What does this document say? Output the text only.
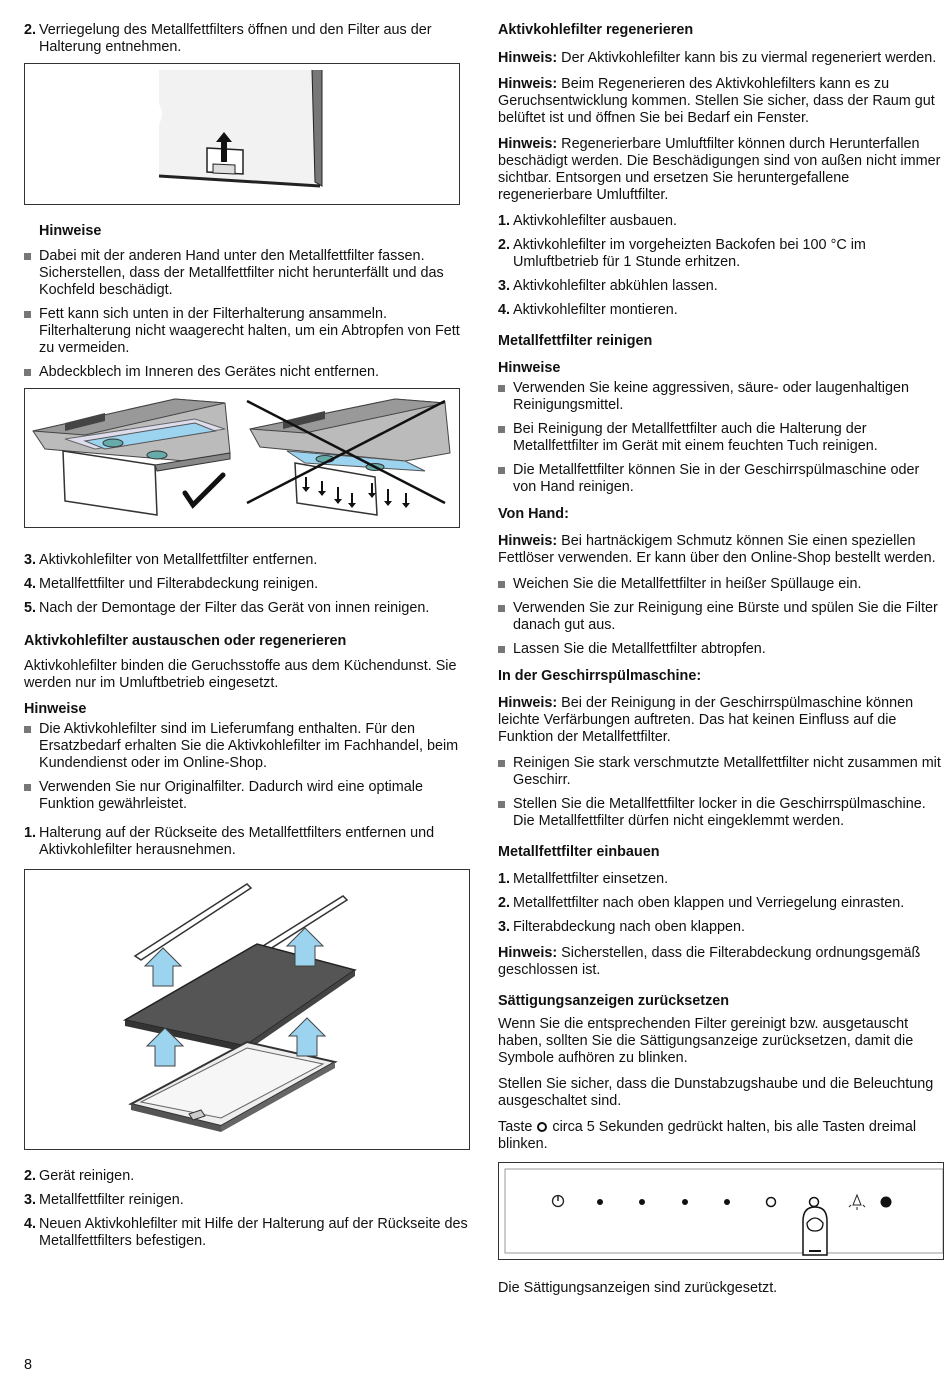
2. Verriegelung des Metallfettfilters öffnen und den Filter aus der Halterung entnehmen.
Hinweise
Dabei mit der anderen Hand unter den Metallfettfilter fassen. Sicherstellen, dass der Metallfettfilter nicht herunterfällt und das Kochfeld beschädigt.
Fett kann sich unten in der Filterhalterung ansammeln. Filterhalterung nicht waagerecht halten, um ein Abtropfen von Fett zu vermeiden.
Abdeckblech im Inneren des Gerätes nicht entfernen.
3. Aktivkohlefilter von Metallfettfilter entfernen.
4. Metallfettfilter und Filterabdeckung reinigen.
5. Nach der Demontage der Filter das Gerät von innen reinigen.
Aktivkohlefilter austauschen oder regenerieren

Aktivkohlefilter binden die Geruchsstoffe aus dem Küchendunst. Sie werden nur im Umluftbetrieb eingesetzt.

Hinweise
Die Aktivkohlefilter sind im Lieferumfang enthalten. Für den Ersatzbedarf erhalten Sie die Aktivkohlefilter im Fachhandel, beim Kundendienst oder im Online-Shop.
Verwenden Sie nur Originalfilter. Dadurch wird eine optimale Funktion gewährleistet.
1. Halterung auf der Rückseite des Metallfettfilters entfernen und Aktivkohlefilter herausnehmen.
2. Gerät reinigen.
3. Metallfettfilter reinigen.
4. Neuen Aktivkohlefilter mit Hilfe der Halterung auf der Rückseite des Metallfettfilters befestigen.
Aktivkohlefilter regenerieren

Hinweis: Der Aktivkohlefilter kann bis zu viermal regeneriert werden.

Hinweis: Beim Regenerieren des Aktivkohlefilters kann es zu Geruchsentwicklung kommen. Stellen Sie sicher, dass der Raum gut belüftet ist und öffnen Sie bei Bedarf ein Fenster.

Hinweis: Regenerierbare Umluftfilter können durch Herunterfallen beschädigt werden. Die Beschädigungen sind von außen nicht immer sichtbar. Entsorgen und ersetzen Sie heruntergefallene regenerierbare Umluftfilter.

1. Aktivkohlefilter ausbauen.
2. Aktivkohlefilter im vorgeheizten Backofen bei 100 °C im Umluftbetrieb für 1 Stunde erhitzen.
3. Aktivkohlefilter abkühlen lassen.
4. Aktivkohlefilter montieren.
Metallfettfilter reinigen
Hinweise
Verwenden Sie keine aggressiven, säure- oder laugenhaltigen Reinigungsmittel.
Bei Reinigung der Metallfettfilter auch die Halterung der Metallfettfilter im Gerät mit einem feuchten Tuch reinigen.
Die Metallfettfilter können Sie in der Geschirrspülmaschine oder von Hand reinigen.
Von Hand:

Hinweis: Bei hartnäckigem Schmutz können Sie einen speziellen Fettlöser verwenden. Er kann über den Online-Shop bestellt werden.

Weichen Sie die Metallfettfilter in heißer Spüllauge ein.
Verwenden Sie zur Reinigung eine Bürste und spülen Sie die Filter danach gut aus.
Lassen Sie die Metallfettfilter abtropfen.
In der Geschirrspülmaschine:

Hinweis: Bei der Reinigung in der Geschirrspülmaschine können leichte Verfärbungen auftreten. Das hat keinen Einfluss auf die Funktion der Metallfettfilter.

Reinigen Sie stark verschmutzte Metallfettfilter nicht zusammen mit Geschirr.
Stellen Sie die Metallfettfilter locker in die Geschirrspülmaschine. Die Metallfettfilter dürfen nicht eingeklemmt werden.
Metallfettfilter einbauen
1. Metallfettfilter einsetzen.
2. Metallfettfilter nach oben klappen und Verriegelung einrasten.
3. Filterabdeckung nach oben klappen.

Hinweis: Sicherstellen, dass die Filterabdeckung ordnungsgemäß geschlossen ist.

Sättigungsanzeigen zurücksetzen

Wenn Sie die entsprechenden Filter gereinigt bzw. ausgetauscht haben, sollten Sie die Sättigungsanzeige zurücksetzen, damit die Symbole aufhören zu blinken.

Stellen Sie sicher, dass die Dunstabzugshaube und die Beleuchtung ausgeschaltet sind.

Taste circa 5 Sekunden gedrückt halten, bis alle Tasten dreimal blinken.

Die Sättigungsanzeigen sind zurückgesetzt.

8
